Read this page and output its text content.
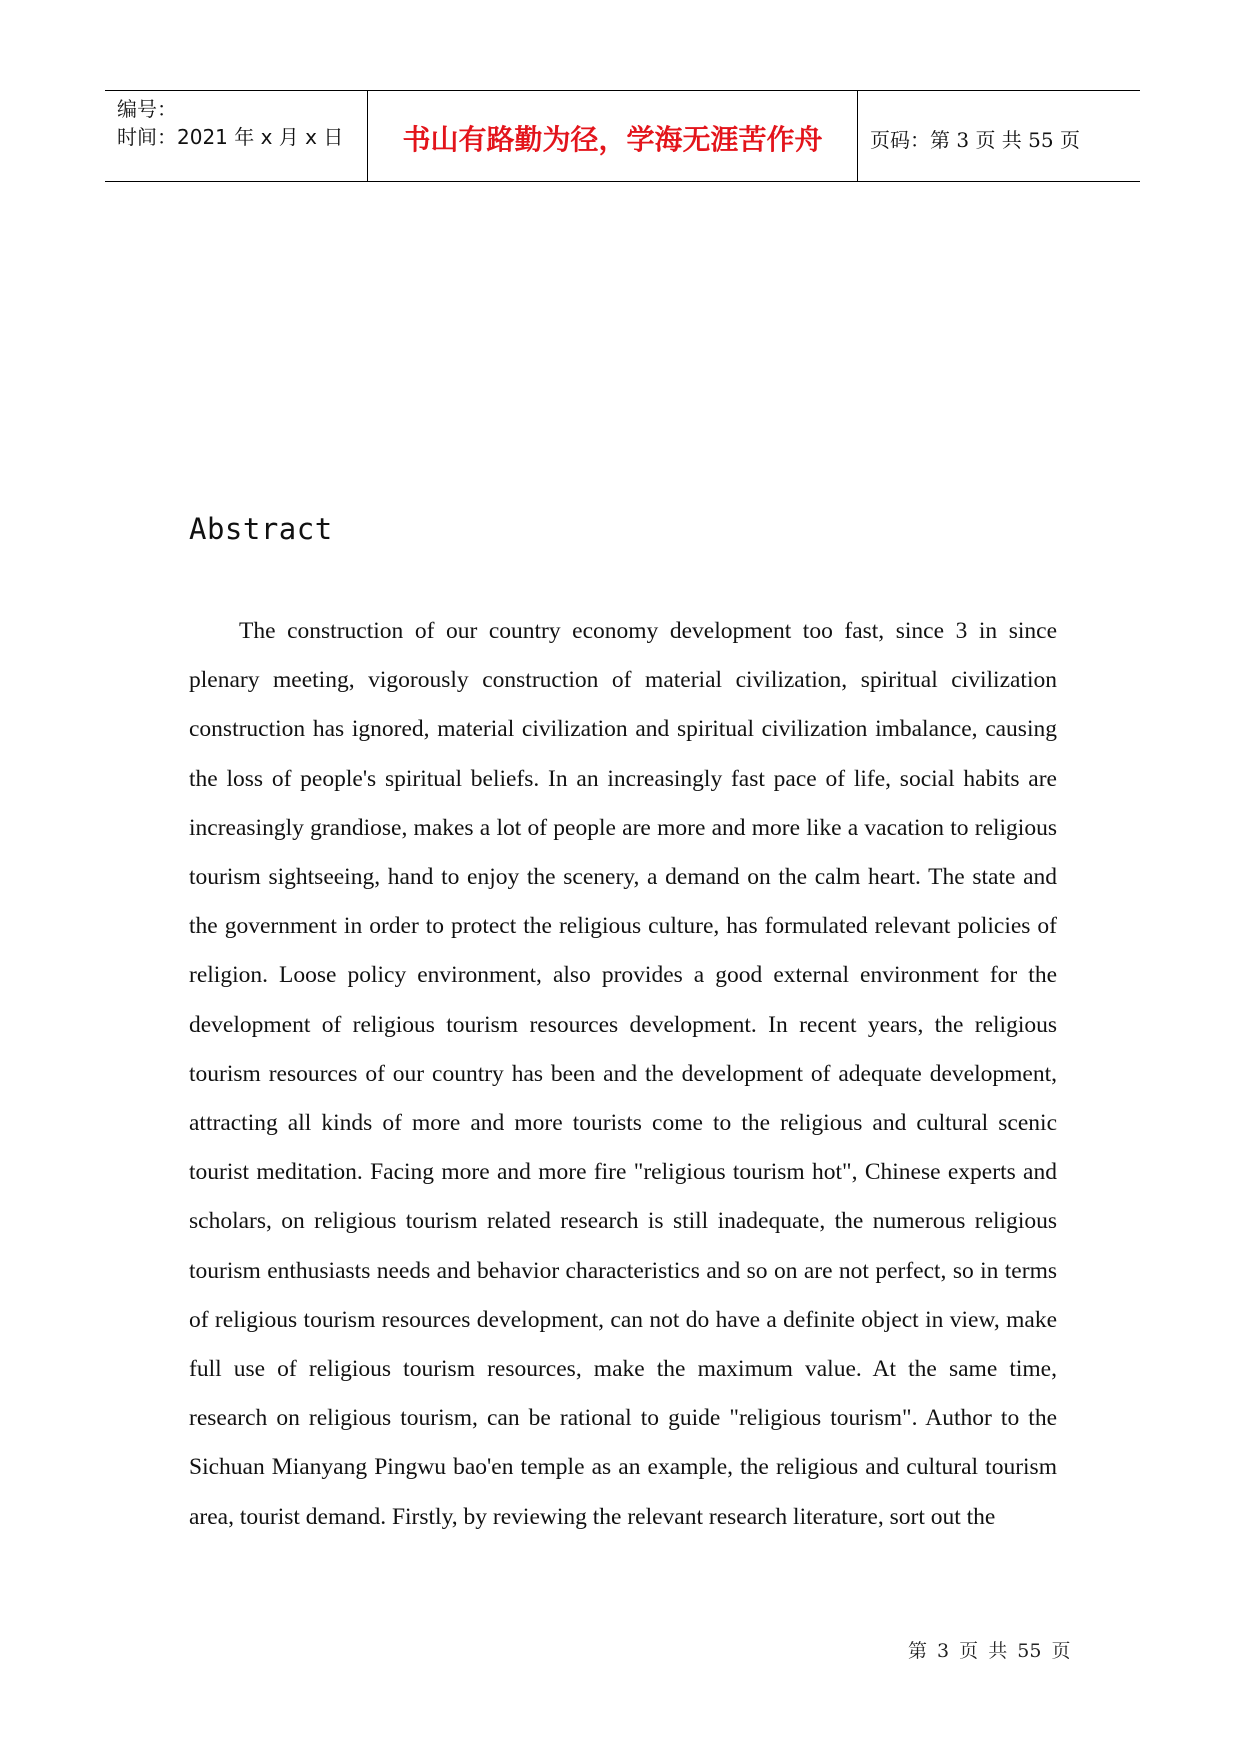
编号：
时间：2021 年 x 月 x 日 书山有路勤为径，学海无涯苦作舟 页码：第 3 页 共 55 页
Abstract

The construction of our country economy development too fast, since 3 in since plenary meeting, vigorously construction of material civilization, spiritual civilization construction has ignored, material civilization and spiritual civilization imbalance, causing the loss of people's spiritual beliefs. In an increasingly fast pace of life, social habits are increasingly grandiose, makes a lot of people are more and more like a vacation to religious tourism sightseeing, hand to enjoy the scenery, a demand on the calm heart. The state and the government in order to protect the religious culture, has formulated relevant policies of religion. Loose policy environment, also provides a good external environment for the development of religious tourism resources development. In recent years, the religious tourism resources of our country has been and the development of adequate development, attracting all kinds of more and more tourists come to the religious and cultural scenic tourist meditation. Facing more and more fire "religious tourism hot", Chinese experts and scholars, on religious tourism related research is still inadequate, the numerous religious tourism enthusiasts needs and behavior characteristics and so on are not perfect, so in terms of religious tourism resources development, can not do have a definite object in view, make full use of religious tourism resources, make the maximum value. At the same time, research on religious tourism, can be rational to guide "religious tourism". Author to the Sichuan Mianyang Pingwu bao'en temple as an example, the religious and cultural tourism area, tourist demand. Firstly, by reviewing the relevant research literature, sort out the

第 3 页 共 55 页
